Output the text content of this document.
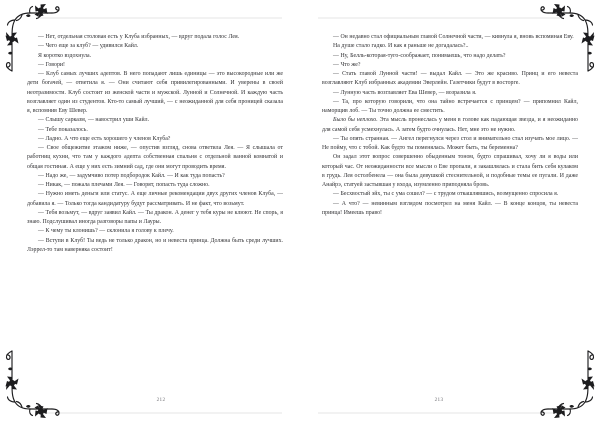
— Нет, отдельная столовая есть у Клуба избранных, — вдруг подала голос Лея.

— Чего еще за клуб? — удивился Кайл.

Я коротко вздохнула.

— Говори!

— Клуб самых лучших адептов. В него попадают лишь единицы — это высокородные или же дети богачей, — ответила я. — Они считают себя привилегированными. И уверены в своей неотразимости. Клуб состоит из женской части и мужской. Лунной и Солнечной. И каждую часть возглавляет один из студентов. Кто-то самый лучший, — с неожиданной для себя проницей сказала я, вспомнив Еву Шевер.

— Слышу сарказм, — навострил уши Кайл.

— Тебе показалось.

— Ладно. А что еще есть хорошего у членов Клуба?

— Свое общежитие этажом ниже, — опустив взгляд, снова ответила Лея. — Я слышала от работниц кухни, что там у каждого адепта собственная спальня с отдельной ванной комнатой и общая гостиная. А еще у них есть зимний сад, где они могут проводить время.

— Надо же, — задумчиво потер подбородок Кайл. — И как туда попасть?

— Никак, — пожала плечами Лея. — Говорят, попасть туда сложно.

— Нужно иметь деньги или статус. А еще личные рекомендации двух других членов Клуба, — добавила я. — Только тогда кандидатуру будут рассматривать. И не факт, что возьмут.

— Тебя возьмут, — вдруг заявил Кайл. — Ты дракон. А денег у тебя куры не клюют. Не спорь, я знаю. Подслушивал иногда разговоры папы и Лауры.

— К чему ты клонишь? — склонила я голову к плечу.

— Вступи в Клуб! Ты ведь не только дракон, но и невеста принца. Должна быть среди лучших. Лэррел-то там наверняка состоит!

212

— Он недавно стал официальным главой Солнечной части, — кивнула я, вновь вспоминая Еву.

На душе стало гадко. И как я раньше не догадалась?..

— Ну, Белль-которая-туго-соображает, понимаешь, что надо делать?

— Что же?

— Стать главой Лунной части! — выдал Кайл. — Это же красиво. Принц и его невеста возглавляют Клуб избранных академии Эверлейн. Газетчики будут в восторге.

— Лунную часть возглавляет Ева Шевер, — возразила я.

— Та, про которую говорили, что она тайно встречается с принцем? — припомнил Кайл, наморщив лоб. — Ты точно должна ее сместить.

Было бы неплохо. Эта мысль пронеслась у меня в голове как падающая звезда, и я неожиданно для самой себя усмехнулась. А затем будто очнулась. Нет, мне это не нужно.

— Ты опять странная. — Ангел перегнулся через стол и внимательно стал изучать мое лицо. — Не пойму, что с тобой. Как будто ты поменялась. Может быть, ты беременна?

Он задал этот вопрос совершенно обыденным тоном, будто спрашивал, хочу ли я воды или который час. От неожиданности все мысли о Еве пропали, я закашлялась и стала бить себя кулаком в грудь. Лея остолбенела — она была девушкой стеснительной, и подобные темы ее пугали. И даже Анайрэ, статуей застывшая у входа, изумленно приподняла бровь.

— Бесхвостый эйх, ты с ума сошел? — с трудом откашлявшись, возмущенно спросила я.

— А что? — невинным взглядом посмотрел на меня Кайл. — В конце концов, ты невеста принца! Имеешь право!

213
